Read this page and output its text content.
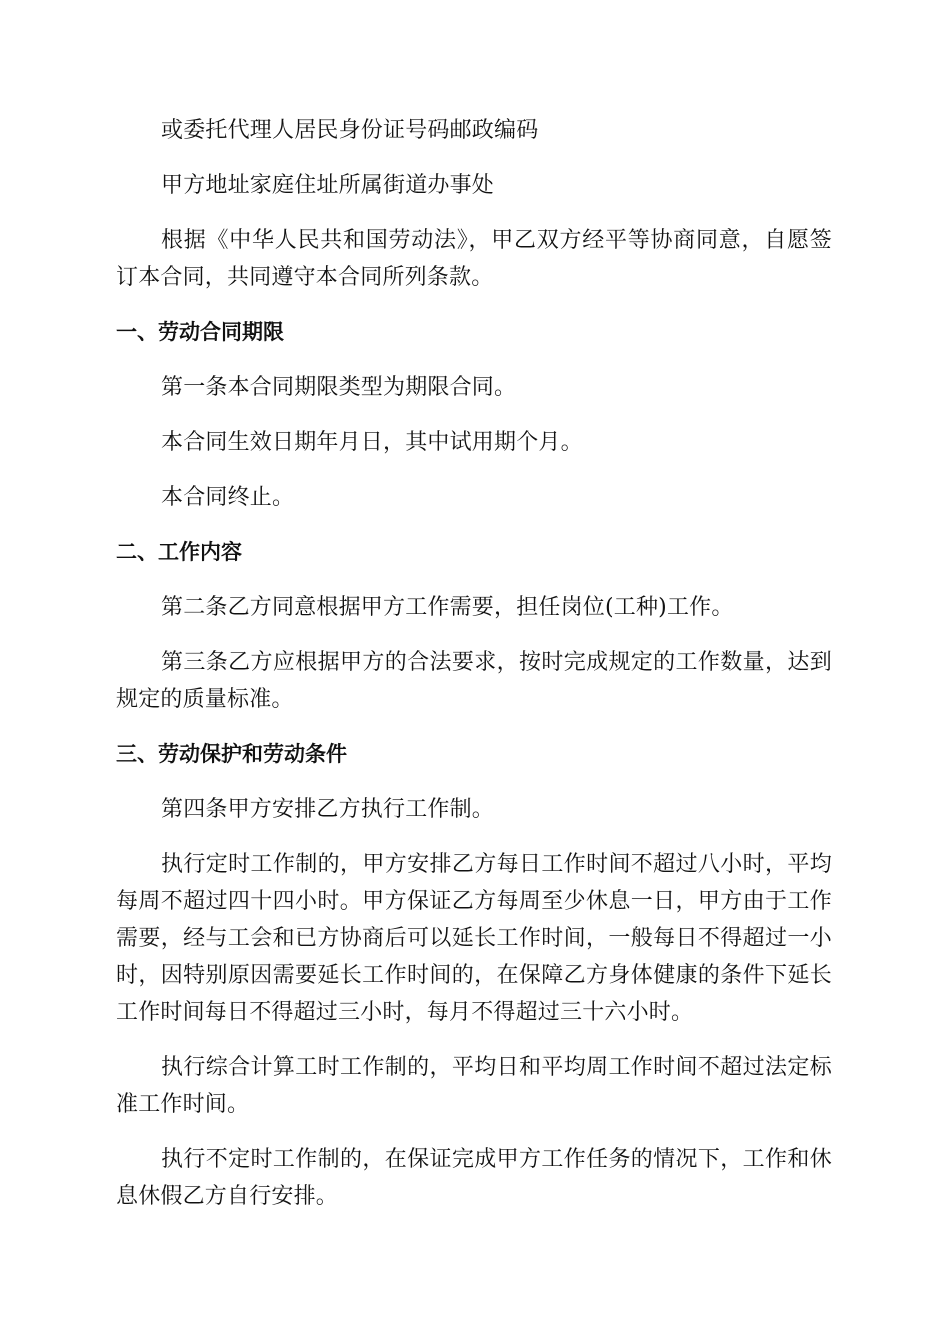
或委托代理人居民身份证号码邮政编码

甲方地址家庭住址所属街道办事处

根据《中华人民共和国劳动法》，甲乙双方经平等协商同意，自愿签订本合同，共同遵守本合同所列条款。

一、劳动合同期限

第一条本合同期限类型为期限合同。

本合同生效日期年月日，其中试用期个月。

本合同终止。

二、工作内容

第二条乙方同意根据甲方工作需要，担任岗位(工种)工作。

第三条乙方应根据甲方的合法要求，按时完成规定的工作数量，达到规定的质量标准。

三、劳动保护和劳动条件

第四条甲方安排乙方执行工作制。

执行定时工作制的，甲方安排乙方每日工作时间不超过八小时，平均每周不超过四十四小时。甲方保证乙方每周至少休息一日，甲方由于工作需要，经与工会和已方协商后可以延长工作时间，一般每日不得超过一小时，因特别原因需要延长工作时间的，在保障乙方身体健康的条件下延长工作时间每日不得超过三小时，每月不得超过三十六小时。

执行综合计算工时工作制的，平均日和平均周工作时间不超过法定标准工作时间。

执行不定时工作制的，在保证完成甲方工作任务的情况下，工作和休息休假乙方自行安排。
